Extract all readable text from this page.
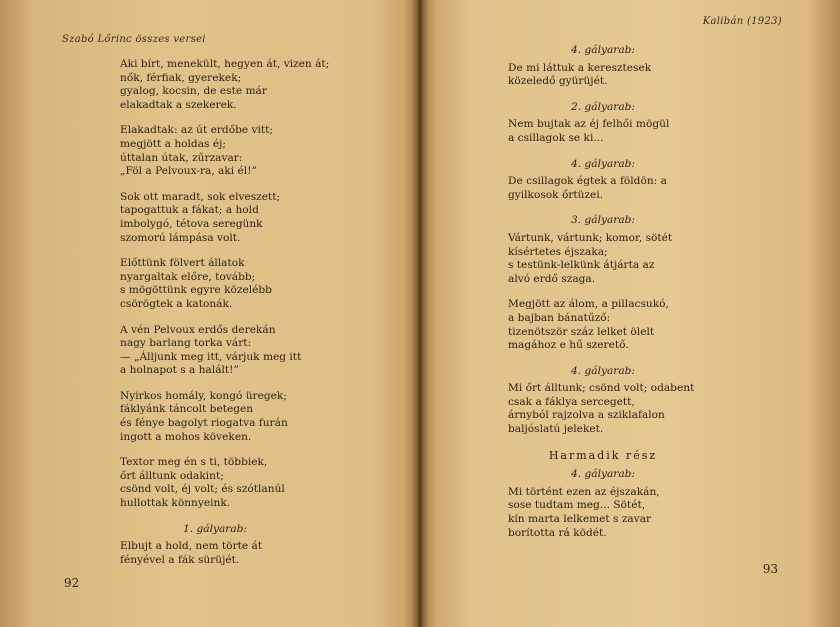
Szabó Lőrinc összes versei
Aki bírt, menekült, hegyen át, vizen át;
nők, férfiak, gyerekek;
gyalog, kocsin, de este már
elakadtak a szekerek.
Elakadtak: az út erdőbe vitt;
megjött a holdas éj;
úttalan útak, zűrzavar:
„Föl a Pelvoux-ra, aki él!”
Sok ott maradt, sok elveszett;
tapogattuk a fákat; a hold
imbolygó, tétova seregünk
szomorú lámpása volt.
Előttünk fölvert állatok
nyargaltak előre, tovább;
s mögöttünk egyre közelébb
csörögtek a katonák.
A vén Pelvoux erdős derekán
nagy barlang torka várt:
— „Álljunk meg itt, várjuk meg itt
a holnapot s a halált!”
Nyirkos homály, kongó üregek;
fáklyánk táncolt betegen
és fénye bagolyt riogatva furán
ingott a mohos köveken.
Textor meg én s ti, többiek,
őrt álltunk odakint;
csönd volt, éj volt; és szótlanúl
hullottak könnyeink.
1. gályarab:
Elbujt a hold, nem törte át
fényével a fák sürüjét.
92
Kalibán (1923)
4. gályarab:
De mi láttuk a keresztesek
közeledő gyürüjét.
2. gályarab:
Nem bujtak az éj felhői mögül
a csillagok se ki...
4. gályarab:
De csillagok égtek a földön: a
gyilkosok őrtüzei.
3. gályarab:
Vártunk, vártunk; komor, sötét
kísértetes éjszaka;
s testünk-lelkünk átjárta az
alvó erdő szaga.
Megjött az álom, a pillacsukó,
a bajban bánatűző:
tizenötször száz lelket ölelt
magához e hű szerető.
4. gályarab:
Mi őrt álltunk; csönd volt; odabent
csak a fáklya sercegett,
árnyból rajzolva a sziklafalon
baljóslatú jeleket.
Harmadik rész
4. gályarab:
Mi történt ezen az éjszakán,
sose tudtam meg... Sötét,
kín marta lelkemet s zavar
borította rá ködét.
93
